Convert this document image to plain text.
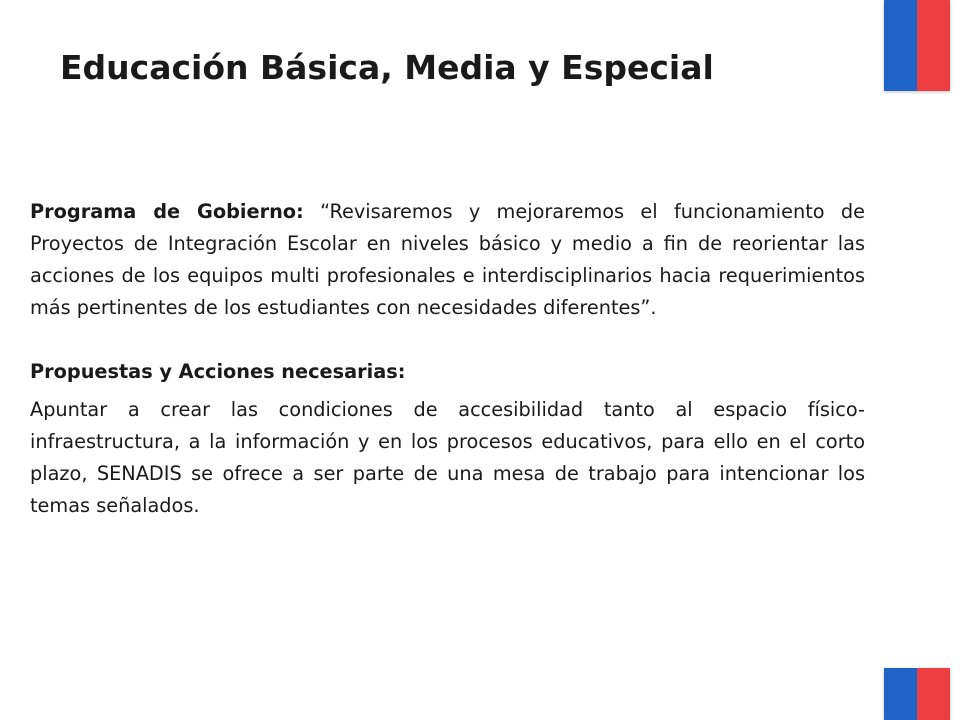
Educación Básica, Media y Especial

Programa de Gobierno: “Revisaremos y mejoraremos el funcionamiento de Proyectos de Integración Escolar en niveles básico y medio a fin de reorientar las acciones de los equipos multi profesionales e interdisciplinarios hacia requerimientos más pertinentes de los estudiantes con necesidades diferentes”.

Propuestas y Acciones necesarias:

Apuntar a crear las condiciones de accesibilidad tanto al espacio físico-infraestructura, a la información y en los procesos educativos, para ello en el corto plazo, SENADIS se ofrece a ser parte de una mesa de trabajo para intencionar los temas señalados.
